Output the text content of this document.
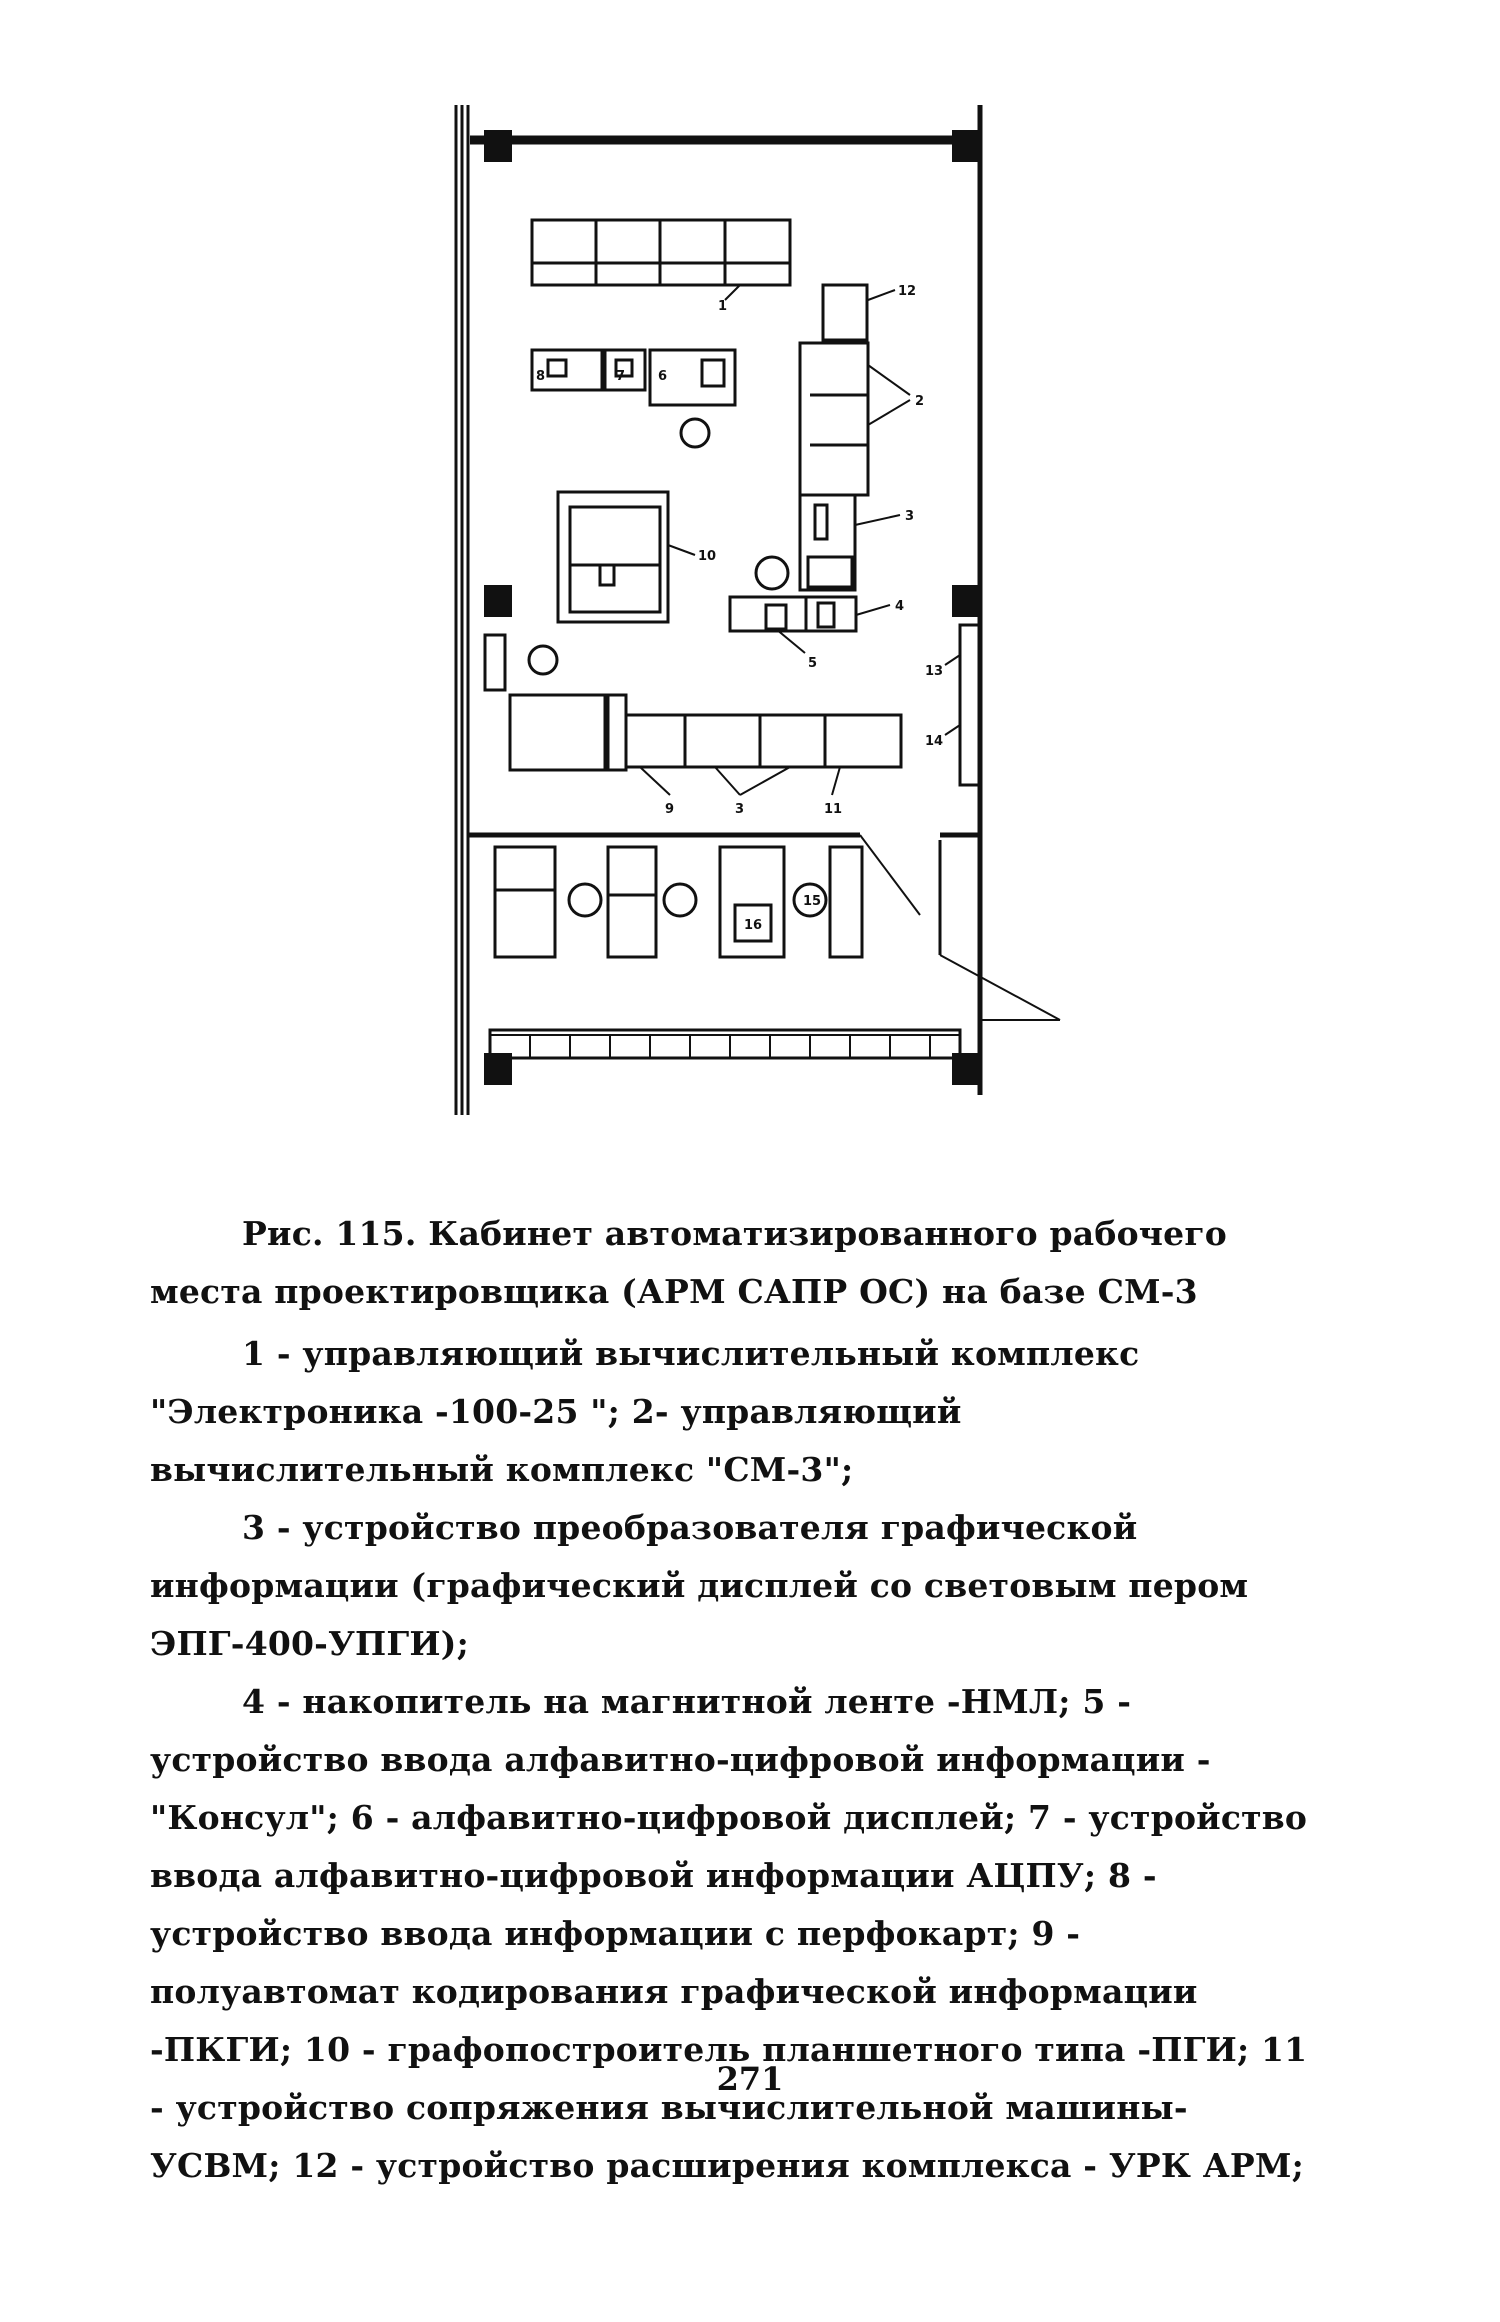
1
2
3
4
5
6
7
8
9	3
10
11
12
13
14
15
16
Рис. 115. Кабинет автоматизированного рабочего места проектировщика (АРМ САПР ОС) на базе СМ-3

1 - управляющий вычислительный комплекс "Электроника -100-25 "; 2- управляющий вычислительный комплекс "СМ-3";

3 - устройство преобразователя графической информации (графический дисплей со световым пером ЭПГ-400-УПГИ);

4 - накопитель на магнитной ленте -НМЛ; 5 - устройство ввода алфавитно-цифровой информации - "Консул"; 6 - алфавитно-цифровой дисплей; 7 - устройство ввода алфавитно-цифровой информации АЦПУ; 8 - устройство ввода информации с перфокарт; 9 - полуавтомат кодирования графической информации -ПКГИ; 10 - графопостроитель планшетного типа -ПГИ; 11 - устройство сопряжения вычислительной машины-УСВМ; 12 - устройство расширения комплекса - УРК АРМ;

271
